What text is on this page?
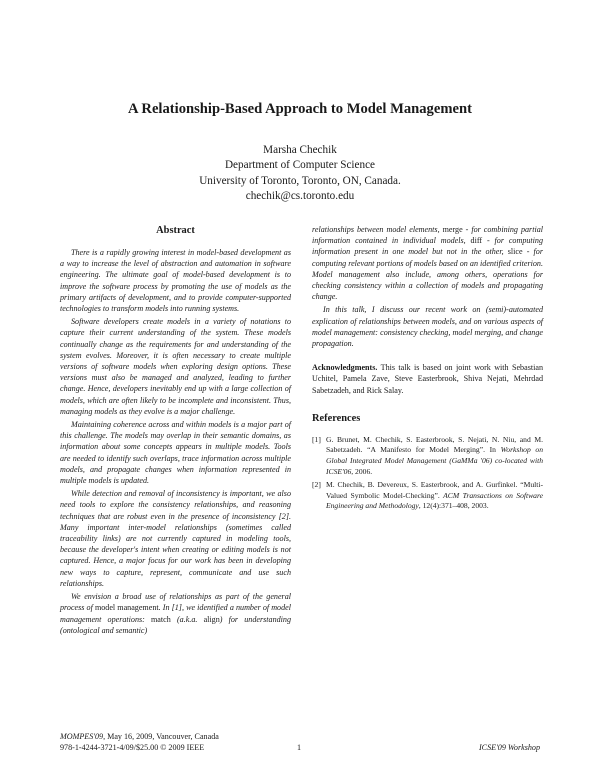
A Relationship-Based Approach to Model Management
Marsha Chechik
Department of Computer Science
University of Toronto, Toronto, ON, Canada.
chechik@cs.toronto.edu
Abstract

There is a rapidly growing interest in model-based development as a way to increase the level of abstraction and automation in software engineering. The ultimate goal of model-based development is to improve the software process by promoting the use of models as the primary artifacts of development, and to provide computer-supported technologies to transform models into running systems.

Software developers create models in a variety of notations to capture their current understanding of the system. These models continually change as the requirements for and understanding of the system evolves. Moreover, it is often necessary to create multiple versions of software models when exploring design options. These versions must also be managed and analyzed, leading to further change. Hence, developers inevitably end up with a large collection of models, which are often likely to be incomplete and inconsistent. Thus, managing models as they evolve is a major challenge.

Maintaining coherence across and within models is a major part of this challenge. The models may overlap in their semantic domains, as information about some concepts appears in multiple models. Tools are needed to identify such overlaps, trace information across multiple models, and propagate changes when information represented in multiple models is updated.

While detection and removal of inconsistency is important, we also need tools to explore the consistency relationships, and reasoning techniques that are robust even in the presence of inconsistency [2]. Many important inter-model relationships (sometimes called traceability links) are not currently captured in modeling tools, because the developer's intent when creating or editing models is not captured. Hence, a major focus for our work has been in developing new ways to capture, represent, communicate and use such relationships.

We envision a broad use of relationships as part of the general process of model management. In [1], we identified a number of model management operations: match (a.k.a. align) for understanding (ontological and semantic)

relationships between model elements, merge - for combining partial information contained in individual models, diff - for computing information present in one model but not in the other, slice - for computing relevant portions of models based on an identified criterion. Model management also include, among others, operations for checking consistency within a collection of models and propagating change.

In this talk, I discuss our recent work on (semi)-automated explication of relationships between models, and on various aspects of model management: consistency checking, model merging, and change propagation.

Acknowledgments. This talk is based on joint work with Sebastian Uchitel, Pamela Zave, Steve Easterbrook, Shiva Nejati, Mehrdad Sabetzadeh, and Rick Salay.

References
[1] G. Brunet, M. Chechik, S. Easterbrook, S. Nejati, N. Niu, and M. Sabetzadeh. “A Manifesto for Model Merging”. In Workshop on Global Integrated Model Management (GaMMa '06) co-located with ICSE'06, 2006.
[2] M. Chechik, B. Devereux, S. Easterbrook, and A. Gurfinkel. “Multi-Valued Symbolic Model-Checking”. ACM Transactions on Software Engineering and Methodology, 12(4):371–408, 2003.
MOMPES'09, May 16, 2009, Vancouver, Canada
978-1-4244-3721-4/09/$25.00 © 2009 IEEE	ICSE'09 Workshop
1
